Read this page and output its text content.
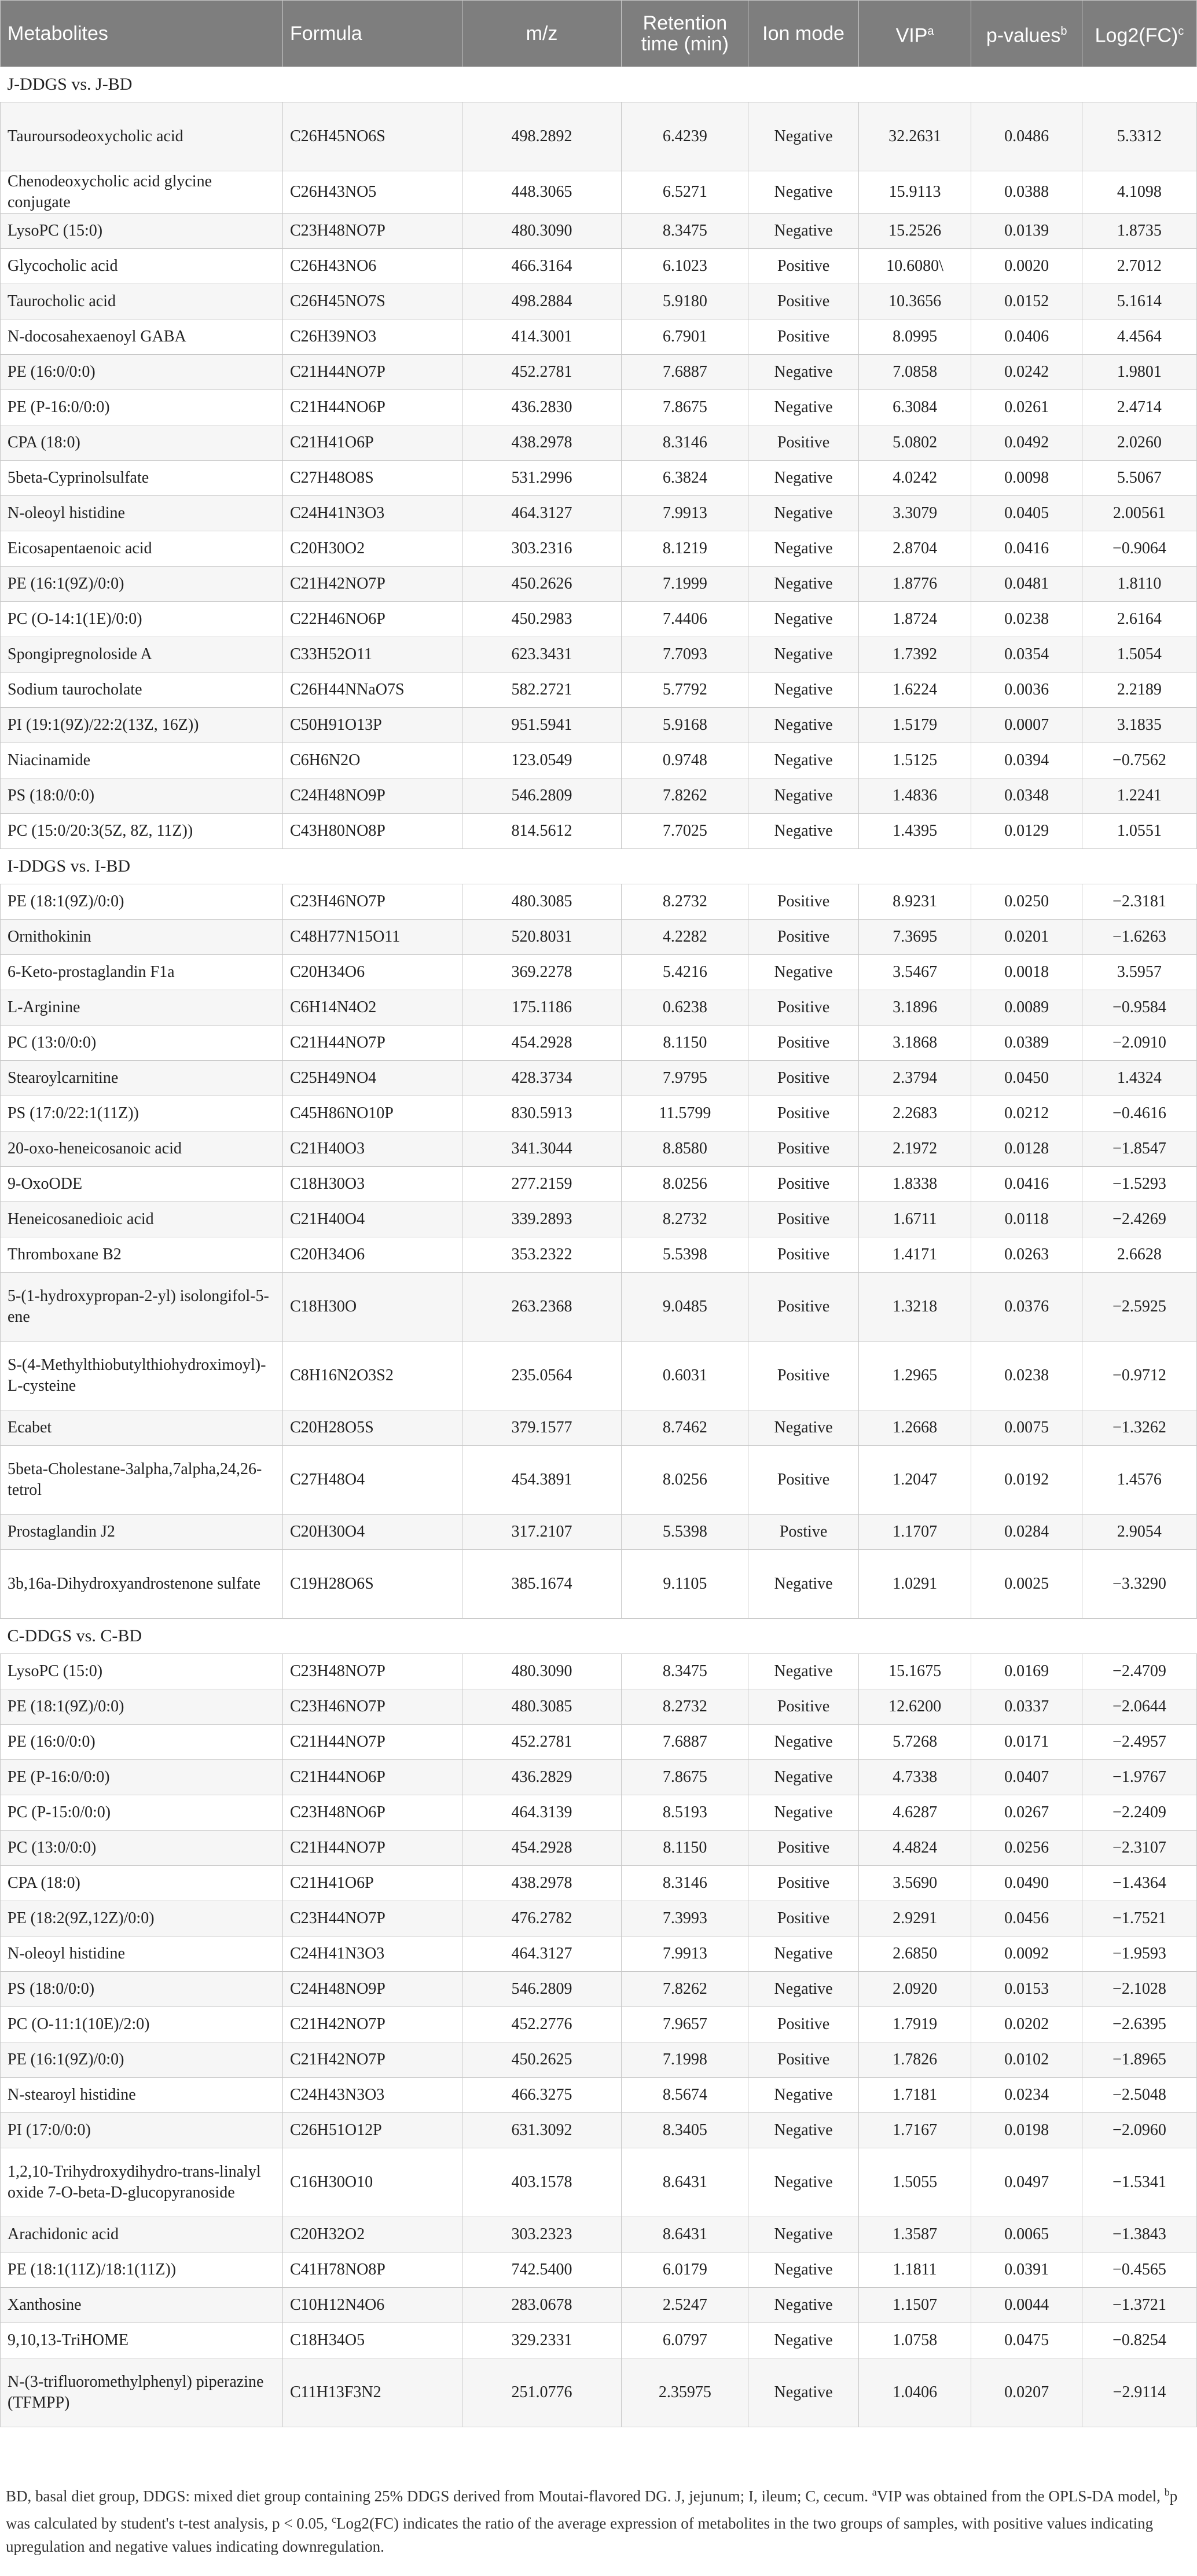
Metabolites	Formula	m/z	Retention time (min)	Ion mode	VIP$^a$	p-values$^b$	Log2(FC)$^c$
J-DDGS vs. J-BD							
Tauroursodeoxycholic acid	C26H45NO6S	498.2892	6.4239	Negative	32.2631	0.0486	5.3312
Chenodeoxycholic acid glycine conjugate	C26H43NO5	448.3065	6.5271	Negative	15.9113	0.0388	4.1098
LysoPC (15:0)	C23H48NO7P	480.3090	8.3475	Negative	15.2526	0.0139	1.8735
Glycocholic acid	C26H43NO6	466.3164	6.1023	Positive	10.6080\	0.0020	2.7012
Taurocholic acid	C26H45NO7S	498.2884	5.9180	Positive	10.3656	0.0152	5.1614
N-docosahexaenoyl GABA	C26H39NO3	414.3001	6.7901	Positive	8.0995	0.0406	4.4564
PE (16:0/0:0)	C21H44NO7P	452.2781	7.6887	Negative	7.0858	0.0242	1.9801
PE (P-16:0/0:0)	C21H44NO6P	436.2830	7.8675	Negative	6.3084	0.0261	2.4714
CPA (18:0)	C21H41O6P	438.2978	8.3146	Positive	5.0802	0.0492	2.0260
5beta-Cyprinolsulfate	C27H48O8S	531.2996	6.3824	Negative	4.0242	0.0098	5.5067
N-oleoyl histidine	C24H41N3O3	464.3127	7.9913	Negative	3.3079	0.0405	2.00561
Eicosapentaenoic acid	C20H30O2	303.2316	8.1219	Negative	2.8704	0.0416	−0.9064
PE (16:1(9Z)/0:0)	C21H42NO7P	450.2626	7.1999	Negative	1.8776	0.0481	1.8110
PC (O-14:1(1E)/0:0)	C22H46NO6P	450.2983	7.4406	Negative	1.8724	0.0238	2.6164
Spongipregnoloside A	C33H52O11	623.3431	7.7093	Negative	1.7392	0.0354	1.5054
Sodium taurocholate	C26H44NNaO7S	582.2721	5.7792	Negative	1.6224	0.0036	2.2189
PI (19:1(9Z)/22:2(13Z, 16Z))	C50H91O13P	951.5941	5.9168	Negative	1.5179	0.0007	3.1835
Niacinamide	C6H6N2O	123.0549	0.9748	Negative	1.5125	0.0394	−0.7562
PS (18:0/0:0)	C24H48NO9P	546.2809	7.8262	Negative	1.4836	0.0348	1.2241
PC (15:0/20:3(5Z, 8Z, 11Z))	C43H80NO8P	814.5612	7.7025	Negative	1.4395	0.0129	1.0551
I-DDGS vs. I-BD							
PE (18:1(9Z)/0:0)	C23H46NO7P	480.3085	8.2732	Positive	8.9231	0.0250	−2.3181
Ornithokinin	C48H77N15O11	520.8031	4.2282	Positive	7.3695	0.0201	−1.6263
6-Keto-prostaglandin F1a	C20H34O6	369.2278	5.4216	Negative	3.5467	0.0018	3.5957
L-Arginine	C6H14N4O2	175.1186	0.6238	Positive	3.1896	0.0089	−0.9584
PC (13:0/0:0)	C21H44NO7P	454.2928	8.1150	Positive	3.1868	0.0389	−2.0910
Stearoylcarnitine	C25H49NO4	428.3734	7.9795	Positive	2.3794	0.0450	1.4324
PS (17:0/22:1(11Z))	C45H86NO10P	830.5913	11.5799	Positive	2.2683	0.0212	−0.4616
20-oxo-heneicosanoic acid	C21H40O3	341.3044	8.8580	Positive	2.1972	0.0128	−1.8547
9-OxoODE	C18H30O3	277.2159	8.0256	Positive	1.8338	0.0416	−1.5293
Heneicosanedioic acid	C21H40O4	339.2893	8.2732	Positive	1.6711	0.0118	−2.4269
Thromboxane B2	C20H34O6	353.2322	5.5398	Positive	1.4171	0.0263	2.6628
5-(1-hydroxypropan-2-yl) isolongifol-5-ene	C18H30O	263.2368	9.0485	Positive	1.3218	0.0376	−2.5925
S-(4-Methylthiobutylthiohydroximoyl)-L-cysteine	C8H16N2O3S2	235.0564	0.6031	Positive	1.2965	0.0238	−0.9712
Ecabet	C20H28O5S	379.1577	8.7462	Negative	1.2668	0.0075	−1.3262
5beta-Cholestane-3alpha,7alpha,24,26-tetrol	C27H48O4	454.3891	8.0256	Positive	1.2047	0.0192	1.4576
Prostaglandin J2	C20H30O4	317.2107	5.5398	Postive	1.1707	0.0284	2.9054
3b,16a-Dihydroxyandrostenone sulfate	C19H28O6S	385.1674	9.1105	Negative	1.0291	0.0025	−3.3290
C-DDGS vs. C-BD							
LysoPC (15:0)	C23H48NO7P	480.3090	8.3475	Negative	15.1675	0.0169	−2.4709
PE (18:1(9Z)/0:0)	C23H46NO7P	480.3085	8.2732	Positive	12.6200	0.0337	−2.0644
PE (16:0/0:0)	C21H44NO7P	452.2781	7.6887	Negative	5.7268	0.0171	−2.4957
PE (P-16:0/0:0)	C21H44NO6P	436.2829	7.8675	Negative	4.7338	0.0407	−1.9767
PC (P-15:0/0:0)	C23H48NO6P	464.3139	8.5193	Negative	4.6287	0.0267	−2.2409
PC (13:0/0:0)	C21H44NO7P	454.2928	8.1150	Positive	4.4824	0.0256	−2.3107
CPA (18:0)	C21H41O6P	438.2978	8.3146	Positive	3.5690	0.0490	−1.4364
PE (18:2(9Z,12Z)/0:0)	C23H44NO7P	476.2782	7.3993	Positive	2.9291	0.0456	−1.7521
N-oleoyl histidine	C24H41N3O3	464.3127	7.9913	Negative	2.6850	0.0092	−1.9593
PS (18:0/0:0)	C24H48NO9P	546.2809	7.8262	Negative	2.0920	0.0153	−2.1028
PC (O-11:1(10E)/2:0)	C21H42NO7P	452.2776	7.9657	Positive	1.7919	0.0202	−2.6395
PE (16:1(9Z)/0:0)	C21H42NO7P	450.2625	7.1998	Positive	1.7826	0.0102	−1.8965
N-stearoyl histidine	C24H43N3O3	466.3275	8.5674	Negative	1.7181	0.0234	−2.5048
PI (17:0/0:0)	C26H51O12P	631.3092	8.3405	Negative	1.7167	0.0198	−2.0960
1,2,10-Trihydroxydihydro-trans-linalyl oxide 7-O-beta-D-glucopyranoside	C16H30O10	403.1578	8.6431	Negative	1.5055	0.0497	−1.5341
Arachidonic acid	C20H32O2	303.2323	8.6431	Negative	1.3587	0.0065	−1.3843
PE (18:1(11Z)/18:1(11Z))	C41H78NO8P	742.5400	6.0179	Negative	1.1811	0.0391	−0.4565
Xanthosine	C10H12N4O6	283.0678	2.5247	Negative	1.1507	0.0044	−1.3721
9,10,13-TriHOME	C18H34O5	329.2331	6.0797	Negative	1.0758	0.0475	−0.8254
N-(3-trifluoromethylphenyl) piperazine (TFMPP)	C11H13F3N2	251.0776	2.35975	Negative	1.0406	0.0207	−2.9114
BD, basal diet group, DDGS: mixed diet group containing 25% DDGS derived from Moutai-flavored DG. J, jejunum; I, ileum; C, cecum. $^a$VIP was obtained from the OPLS-DA model, $^b$p was calculated by student's t-test analysis, p < 0.05, $^c$Log2(FC) indicates the ratio of the average expression of metabolites in the two groups of samples, with positive values indicating upregulation and negative values indicating downregulation.
